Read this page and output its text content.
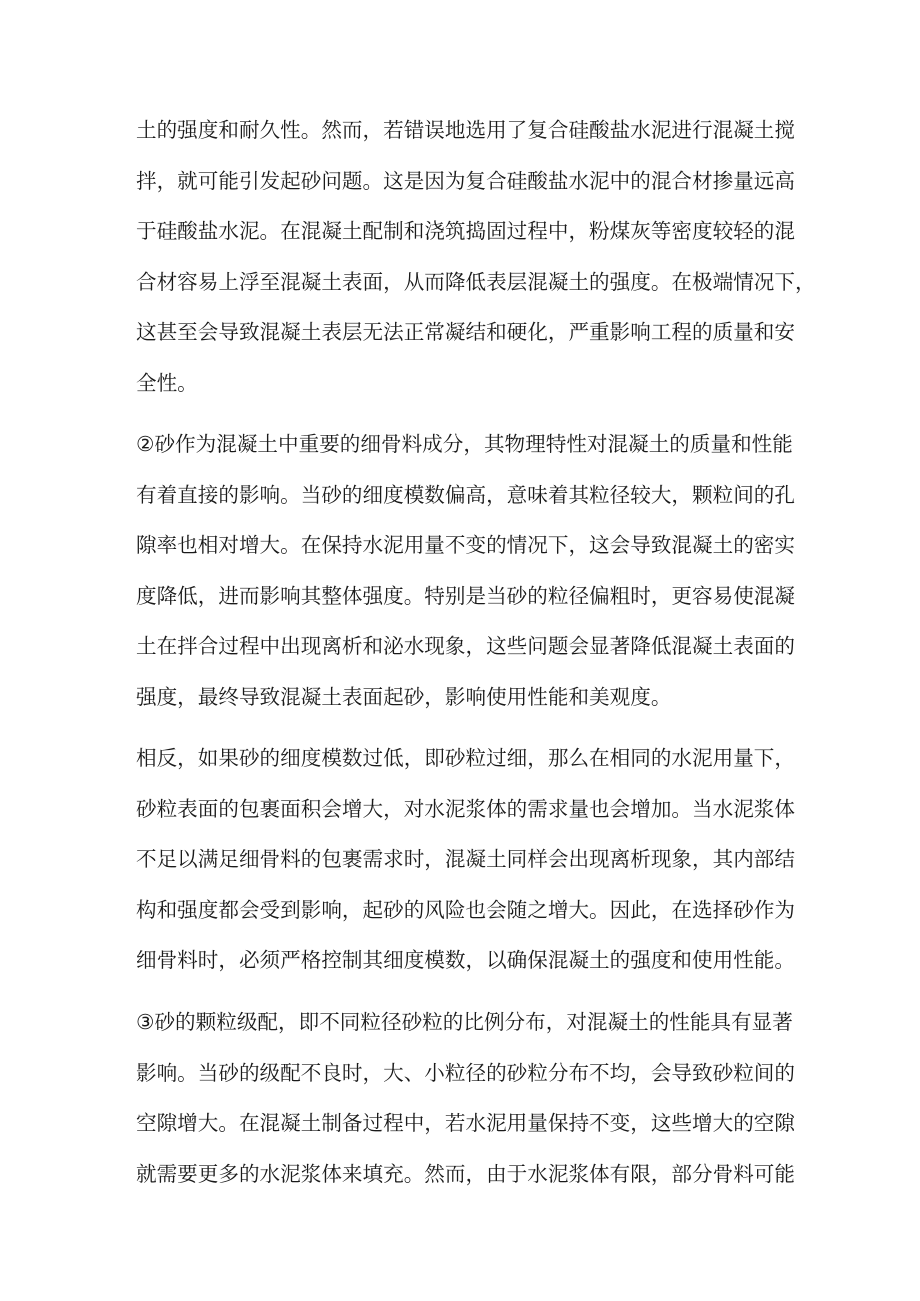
土的强度和耐久性。然而，若错误地选用了复合硅酸盐水泥进行混凝土搅

拌，就可能引发起砂问题。这是因为复合硅酸盐水泥中的混合材掺量远高

于硅酸盐水泥。在混凝土配制和浇筑捣固过程中，粉煤灰等密度较轻的混

合材容易上浮至混凝土表面，从而降低表层混凝土的强度。在极端情况下，

这甚至会导致混凝土表层无法正常凝结和硬化，严重影响工程的质量和安

全性。

②砂作为混凝土中重要的细骨料成分，其物理特性对混凝土的质量和性能

有着直接的影响。当砂的细度模数偏高，意味着其粒径较大，颗粒间的孔

隙率也相对增大。在保持水泥用量不变的情况下，这会导致混凝土的密实

度降低，进而影响其整体强度。特别是当砂的粒径偏粗时，更容易使混凝

土在拌合过程中出现离析和泌水现象，这些问题会显著降低混凝土表面的

强度，最终导致混凝土表面起砂，影响使用性能和美观度。

相反，如果砂的细度模数过低，即砂粒过细，那么在相同的水泥用量下，

砂粒表面的包裹面积会增大，对水泥浆体的需求量也会增加。当水泥浆体

不足以满足细骨料的包裹需求时，混凝土同样会出现离析现象，其内部结

构和强度都会受到影响，起砂的风险也会随之增大。因此，在选择砂作为

细骨料时，必须严格控制其细度模数，以确保混凝土的强度和使用性能。

③砂的颗粒级配，即不同粒径砂粒的比例分布，对混凝土的性能具有显著

影响。当砂的级配不良时，大、小粒径的砂粒分布不均，会导致砂粒间的

空隙增大。在混凝土制备过程中，若水泥用量保持不变，这些增大的空隙

就需要更多的水泥浆体来填充。然而，由于水泥浆体有限，部分骨料可能
